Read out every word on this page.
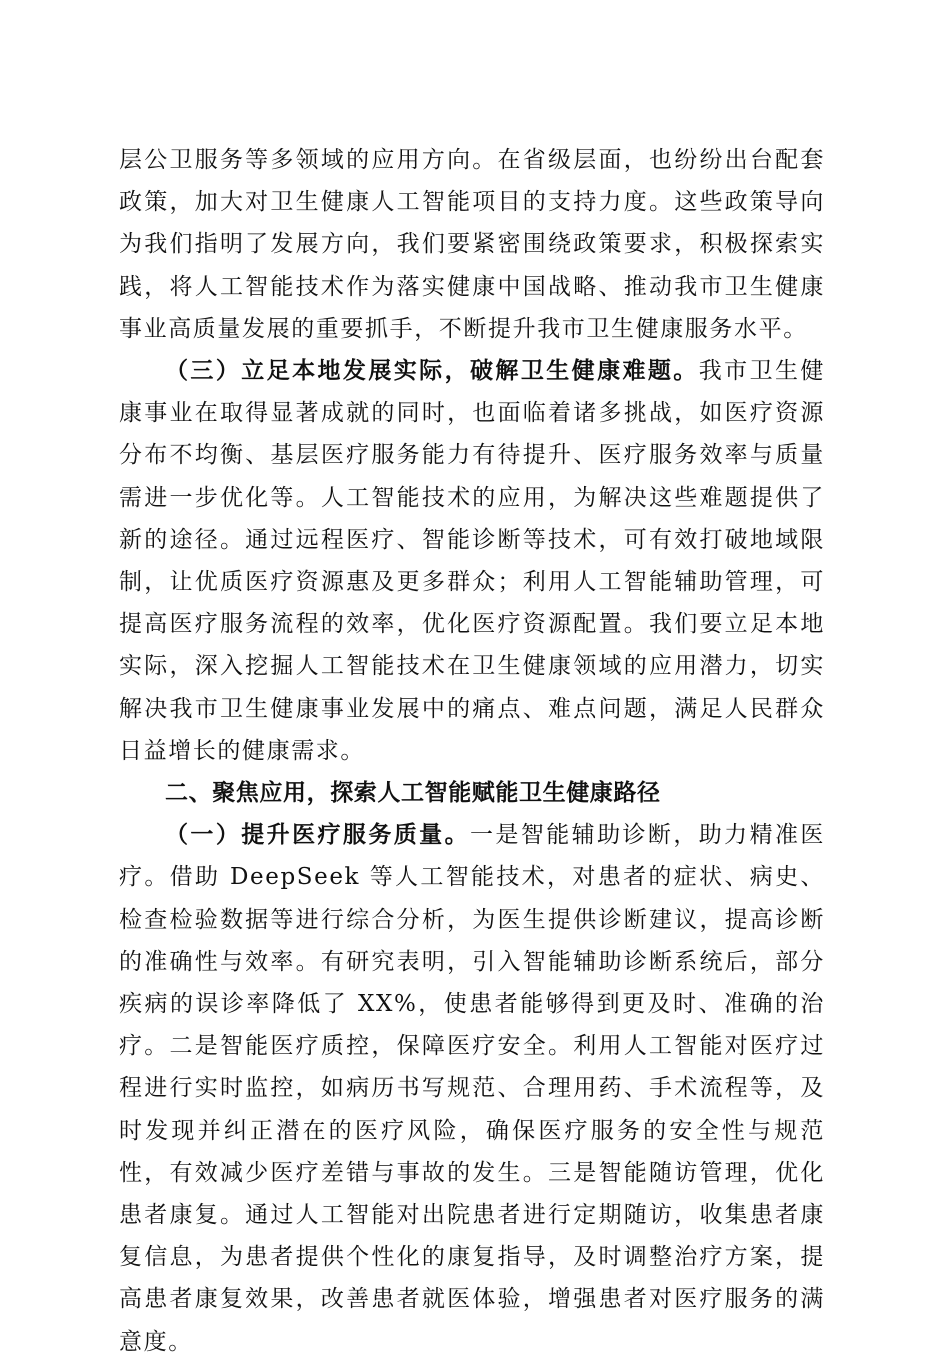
层公卫服务等多领域的应用方向。在省级层面，也纷纷出台配套政策，加大对卫生健康人工智能项目的支持力度。这些政策导向为我们指明了发展方向，我们要紧密围绕政策要求，积极探索实践，将人工智能技术作为落实健康中国战略、推动我市卫生健康事业高质量发展的重要抓手，不断提升我市卫生健康服务水平。

（三）立足本地发展实际，破解卫生健康难题。我市卫生健康事业在取得显著成就的同时，也面临着诸多挑战，如医疗资源分布不均衡、基层医疗服务能力有待提升、医疗服务效率与质量需进一步优化等。人工智能技术的应用，为解决这些难题提供了新的途径。通过远程医疗、智能诊断等技术，可有效打破地域限制，让优质医疗资源惠及更多群众；利用人工智能辅助管理，可提高医疗服务流程的效率，优化医疗资源配置。我们要立足本地实际，深入挖掘人工智能技术在卫生健康领域的应用潜力，切实解决我市卫生健康事业发展中的痛点、难点问题，满足人民群众日益增长的健康需求。

二、聚焦应用，探索人工智能赋能卫生健康路径

（一）提升医疗服务质量。一是智能辅助诊断，助力精准医疗。借助 DeepSeek 等人工智能技术，对患者的症状、病史、检查检验数据等进行综合分析，为医生提供诊断建议，提高诊断的准确性与效率。有研究表明，引入智能辅助诊断系统后，部分疾病的误诊率降低了 XX%，使患者能够得到更及时、准确的治疗。二是智能医疗质控，保障医疗安全。利用人工智能对医疗过程进行实时监控，如病历书写规范、合理用药、手术流程等，及时发现并纠正潜在的医疗风险，确保医疗服务的安全性与规范性，有效减少医疗差错与事故的发生。三是智能随访管理，优化患者康复。通过人工智能对出院患者进行定期随访，收集患者康复信息，为患者提供个性化的康复指导，及时调整治疗方案，提高患者康复效果，改善患者就医体验，增强患者对医疗服务的满意度。
